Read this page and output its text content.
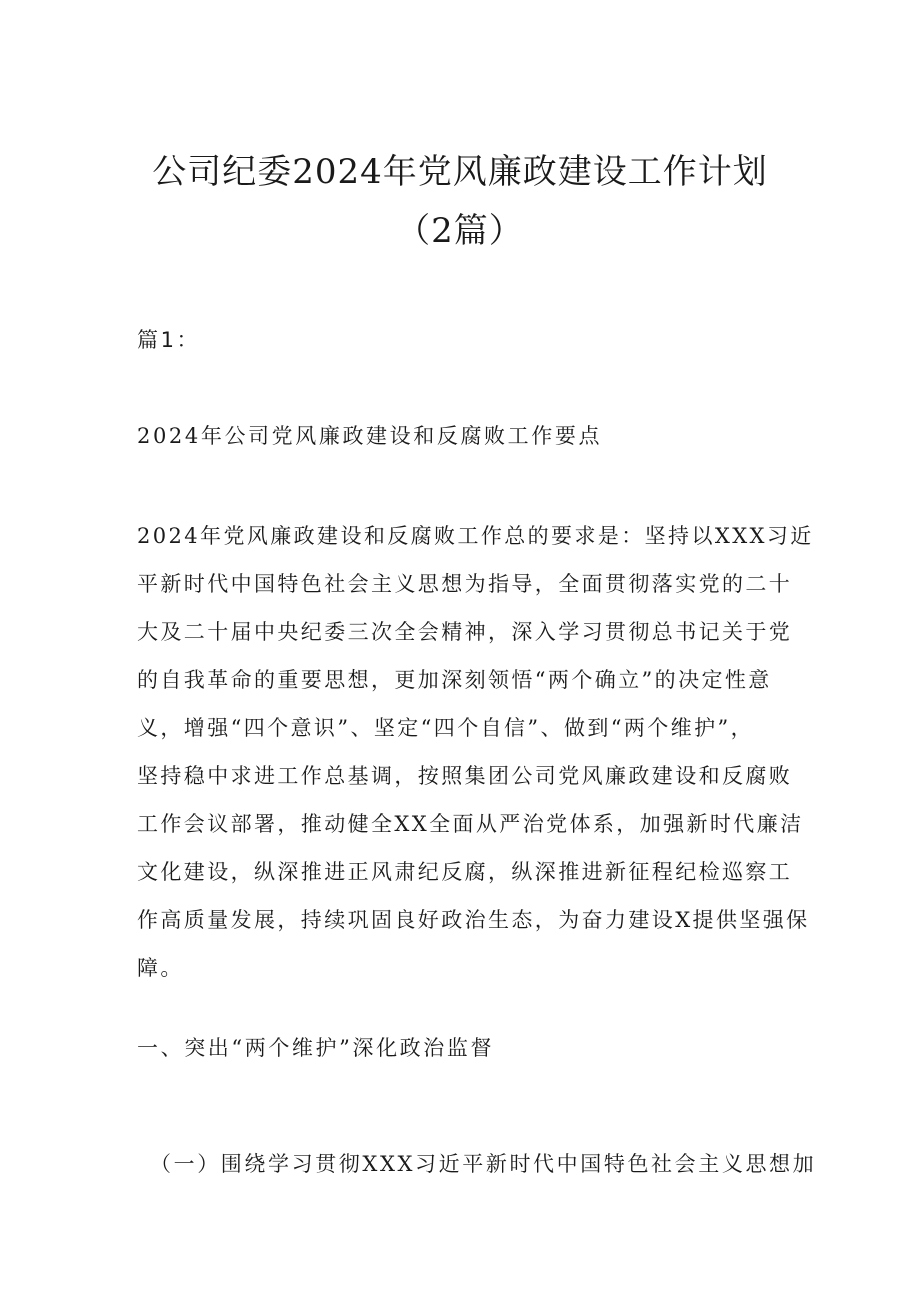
公司纪委2024年党风廉政建设工作计划
（2篇）

篇1：

2024年公司党风廉政建设和反腐败工作要点

2024年党风廉政建设和反腐败工作总的要求是：坚持以XXX习近
平新时代中国特色社会主义思想为指导，全面贯彻落实党的二十
大及二十届中央纪委三次全会精神，深入学习贯彻总书记关于党
的自我革命的重要思想，更加深刻领悟“两个确立”的决定性意
义，增强“四个意识”、坚定“四个自信”、做到“两个维护”，
坚持稳中求进工作总基调，按照集团公司党风廉政建设和反腐败
工作会议部署，推动健全XX全面从严治党体系，加强新时代廉洁
文化建设，纵深推进正风肃纪反腐，纵深推进新征程纪检巡察工
作高质量发展，持续巩固良好政治生态，为奋力建设X提供坚强保
障。

一、突出“两个维护”深化政治监督

（一）围绕学习贯彻XXX习近平新时代中国特色社会主义思想加
